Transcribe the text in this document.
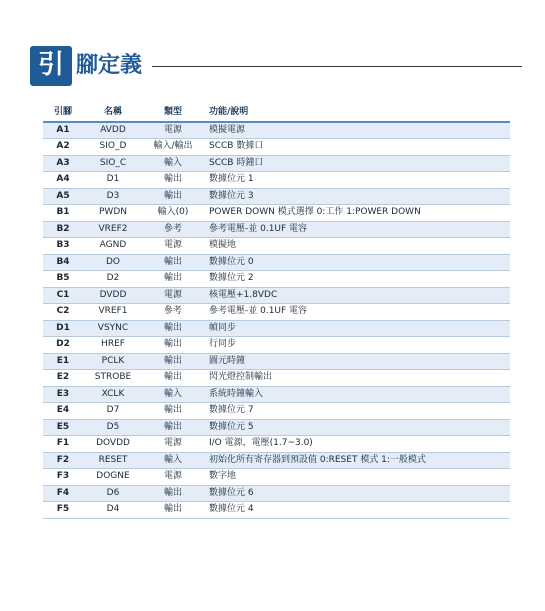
引 腳定義
引腳	名稱	類型	功能/說明
A1	AVDD	電源	模擬電源
A2	SIO_D	輸入/輸出	SCCB 數據口
A3	SIO_C	輸入	SCCB 時鐘口
A4	D1	輸出	數據位元 1
A5	D3	輸出	數據位元 3
B1	PWDN	輸入(0)	POWER DOWN 模式選擇 0:工作 1:POWER DOWN
B2	VREF2	參考	參考電壓-並 0.1UF 電容
B3	AGND	電源	模擬地
B4	DO	輸出	數據位元 0
B5	D2	輸出	數據位元 2
C1	DVDD	電源	核電壓+1.8VDC
C2	VREF1	參考	參考電壓-並 0.1UF 電容
D1	VSYNC	輸出	幀同步
D2	HREF	輸出	行同步
E1	PCLK	輸出	圖元時鐘
E2	STROBE	輸出	閃光燈控制輸出
E3	XCLK	輸入	系統時鐘輸入
E4	D7	輸出	數據位元 7
E5	D5	輸出	數據位元 5
F1	DOVDD	電源	I/O 電源，電壓(1.7~3.0)
F2	RESET	輸入	初始化所有寄存器到預設值 0:RESET 模式 1:一般模式
F3	DOGNE	電源	數字地
F4	D6	輸出	數據位元 6
F5	D4	輸出	數據位元 4
